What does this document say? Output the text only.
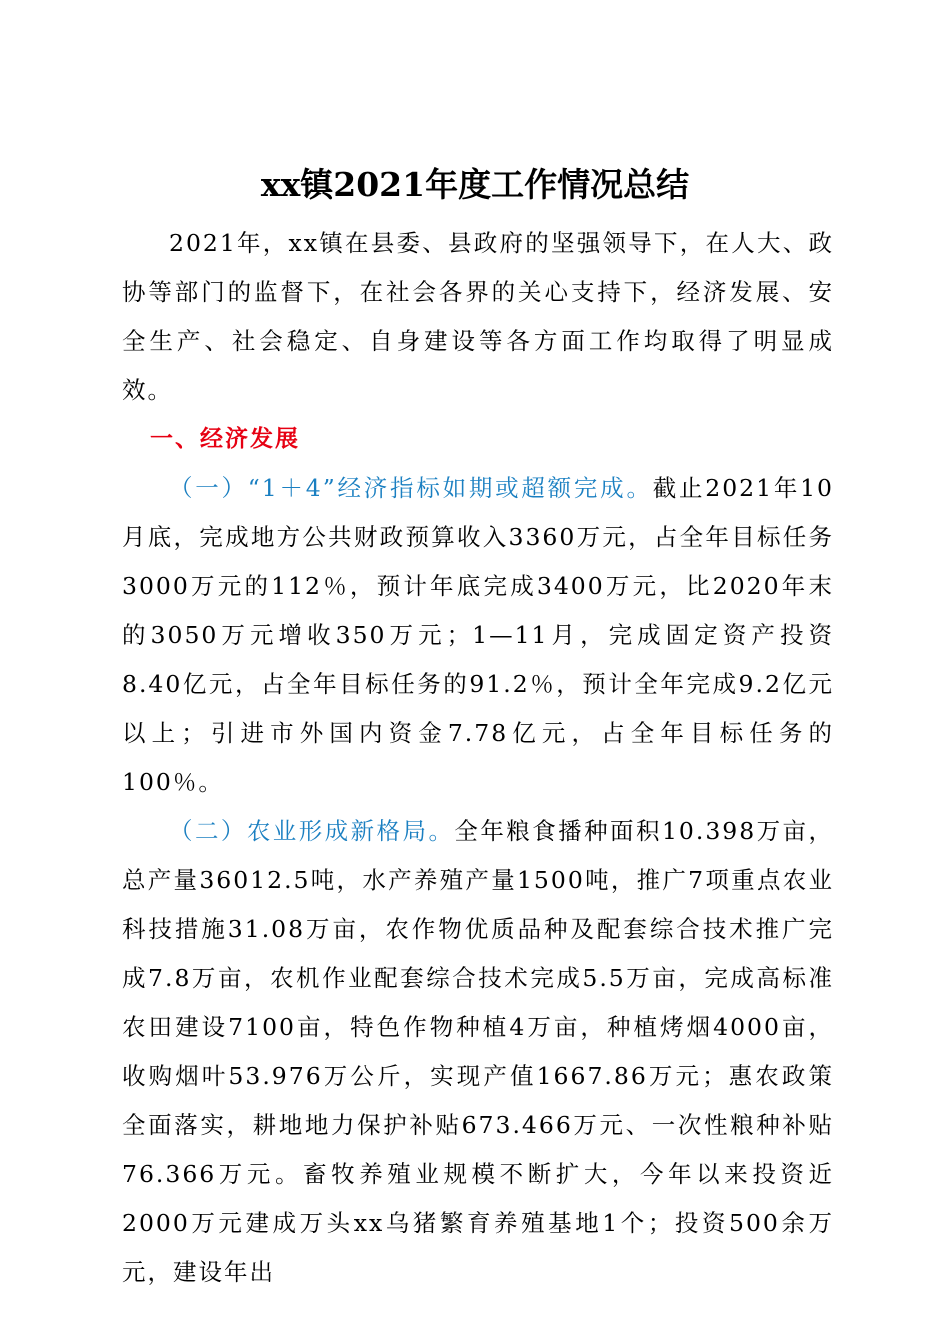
xx镇2021年度工作情况总结

2021年，xx镇在县委、县政府的坚强领导下，在人大、政协等部门的监督下，在社会各界的关心支持下，经济发展、安全生产、社会稳定、自身建设等各方面工作均取得了明显成效。

一、经济发展

（一）“1＋4”经济指标如期或超额完成。截止2021年10月底，完成地方公共财政预算收入3360万元，占全年目标任务3000万元的112％，预计年底完成3400万元，比2020年末的3050万元增收350万元；1—11月，完成固定资产投资8.40亿元，占全年目标任务的91.2％，预计全年完成9.2亿元以上；引进市外国内资金7.78亿元，占全年目标任务的100％。

（二）农业形成新格局。全年粮食播种面积10.398万亩，总产量36012.5吨，水产养殖产量1500吨，推广7项重点农业科技措施31.08万亩，农作物优质品种及配套综合技术推广完成7.8万亩，农机作业配套综合技术完成5.5万亩，完成高标准农田建设7100亩，特色作物种植4万亩，种植烤烟4000亩，收购烟叶53.976万公斤，实现产值1667.86万元；惠农政策全面落实，耕地地力保护补贴673.466万元、一次性粮种补贴76.366万元。畜牧养殖业规模不断扩大，今年以来投资近2000万元建成万头xx乌猪繁育养殖基地1个；投资500余万元，建设年出
